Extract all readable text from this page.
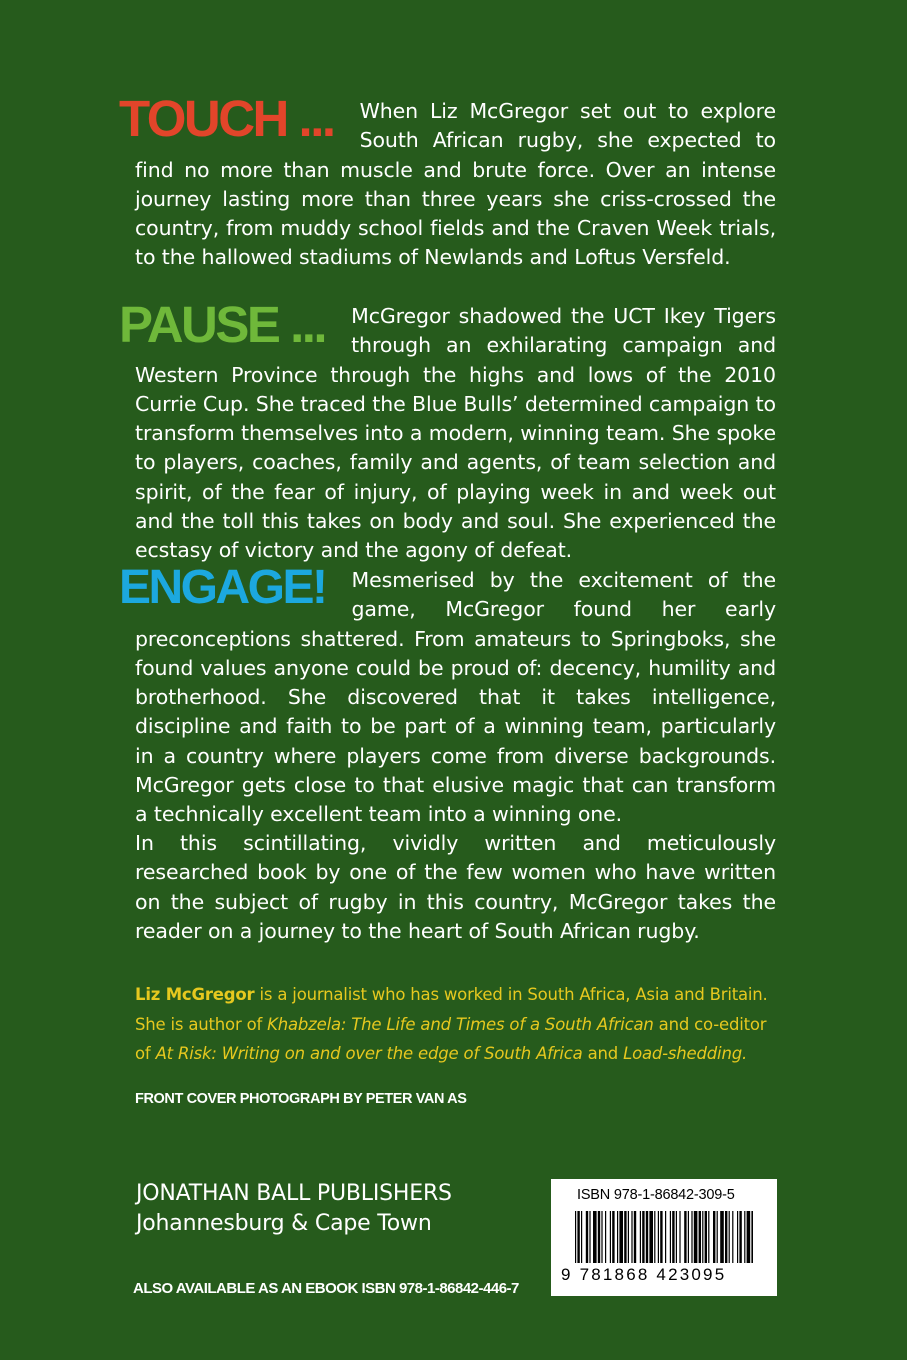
TOUCH ... When Liz McGregor set out to explore South African rugby, she expected to find no more than muscle and brute force. Over an intense journey lasting more than three years she criss-crossed the country, from muddy school fields and the Craven Week trials, to the hallowed stadiums of Newlands and Loftus Versfeld.

PAUSE ... McGregor shadowed the UCT Ikey Tigers through an exhilarating campaign and Western Province through the highs and lows of the 2010 Currie Cup. She traced the Blue Bulls’ determined campaign to transform themselves into a modern, winning team. She spoke to players, coaches, family and agents, of team selection and spirit, of the fear of injury, of playing week in and week out and the toll this takes on body and soul. She experienced the ecstasy of victory and the agony of defeat.

ENGAGE! Mesmerised by the excitement of the game, McGregor found her early preconceptions shattered. From amateurs to Springboks, she found values anyone could be proud of: decency, humility and brotherhood. She discovered that it takes intelligence, discipline and faith to be part of a winning team, particularly in a country where players come from diverse backgrounds. McGregor gets close to that elusive magic that can transform a technically excellent team into a winning one.

In this scintillating, vividly written and meticulously researched book by one of the few women who have written on the subject of rugby in this country, McGregor takes the reader on a journey to the heart of South African rugby.

Liz McGregor is a journalist who has worked in South Africa, Asia and Britain. She is author of Khabzela: The Life and Times of a South African and co-editor of At Risk: Writing on and over the edge of South Africa and Load-shedding.
FRONT COVER PHOTOGRAPH BY PETER VAN AS
JONATHAN BALL PUBLISHERS
Johannesburg & Cape Town
ALSO AVAILABLE AS AN EBOOK ISBN 978-1-86842-446-7
ISBN 978-1-86842-309-5
9 781868 423095
